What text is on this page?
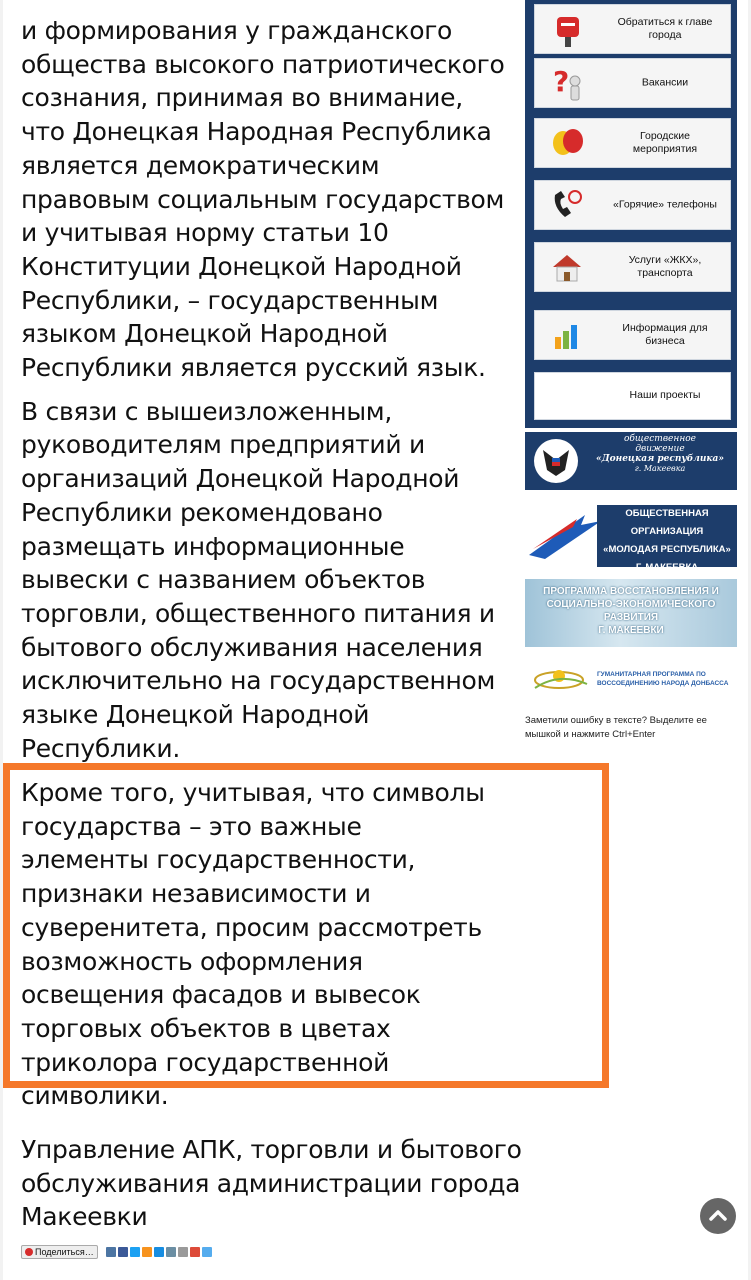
и формирования у гражданского общества высокого патриотического сознания, принимая во внимание, что Донецкая Народная Республика является демократическим правовым социальным государством и учитывая норму статьи 10 Конституции Донецкой Народной Республики, – государственным языком Донецкой Народной Республики является русский язык.

В связи с вышеизложенным, руководителям предприятий и организаций Донецкой Народной Республики рекомендовано размещать информационные вывески с названием объектов торговли, общественного питания и бытового обслуживания населения исключительно на государственном языке Донецкой Народной Республики.

Кроме того, учитывая, что символы государства – это важные элементы государственности, признаки независимости и суверенитета, просим рассмотреть возможность оформления освещения фасадов и вывесок торговых объектов в цветах триколора государственной символики.

Управление АПК, торговли и бытового обслуживания администрации города Макеевки
Обратиться к главе города
?	Вакансии
Городские мероприятия
«Горячие» телефоны
Услуги «ЖКХ», транспорта
Информация для бизнеса
Наши проекты
общественное
движение
«Донецкая республика»
г. Макеевка
ОБЩЕСТВЕННАЯ ОРГАНИЗАЦИЯ
«МОЛОДАЯ РЕСПУБЛИКА»
Г. МАКЕЕВКА
ПРОГРАММА ВОССТАНОВЛЕНИЯ И
СОЦИАЛЬНО-ЭКОНОМИЧЕСКОГО
РАЗВИТИЯ
Г. МАКЕЕВКИ
ГУМАНИТАРНАЯ ПРОГРАММА ПО
ВОССОЕДИНЕНИЮ НАРОДА ДОНБАССА
Заметили ошибку в тексте? Выделите ее мышкой и нажмите Ctrl+Enter
Поделиться…
